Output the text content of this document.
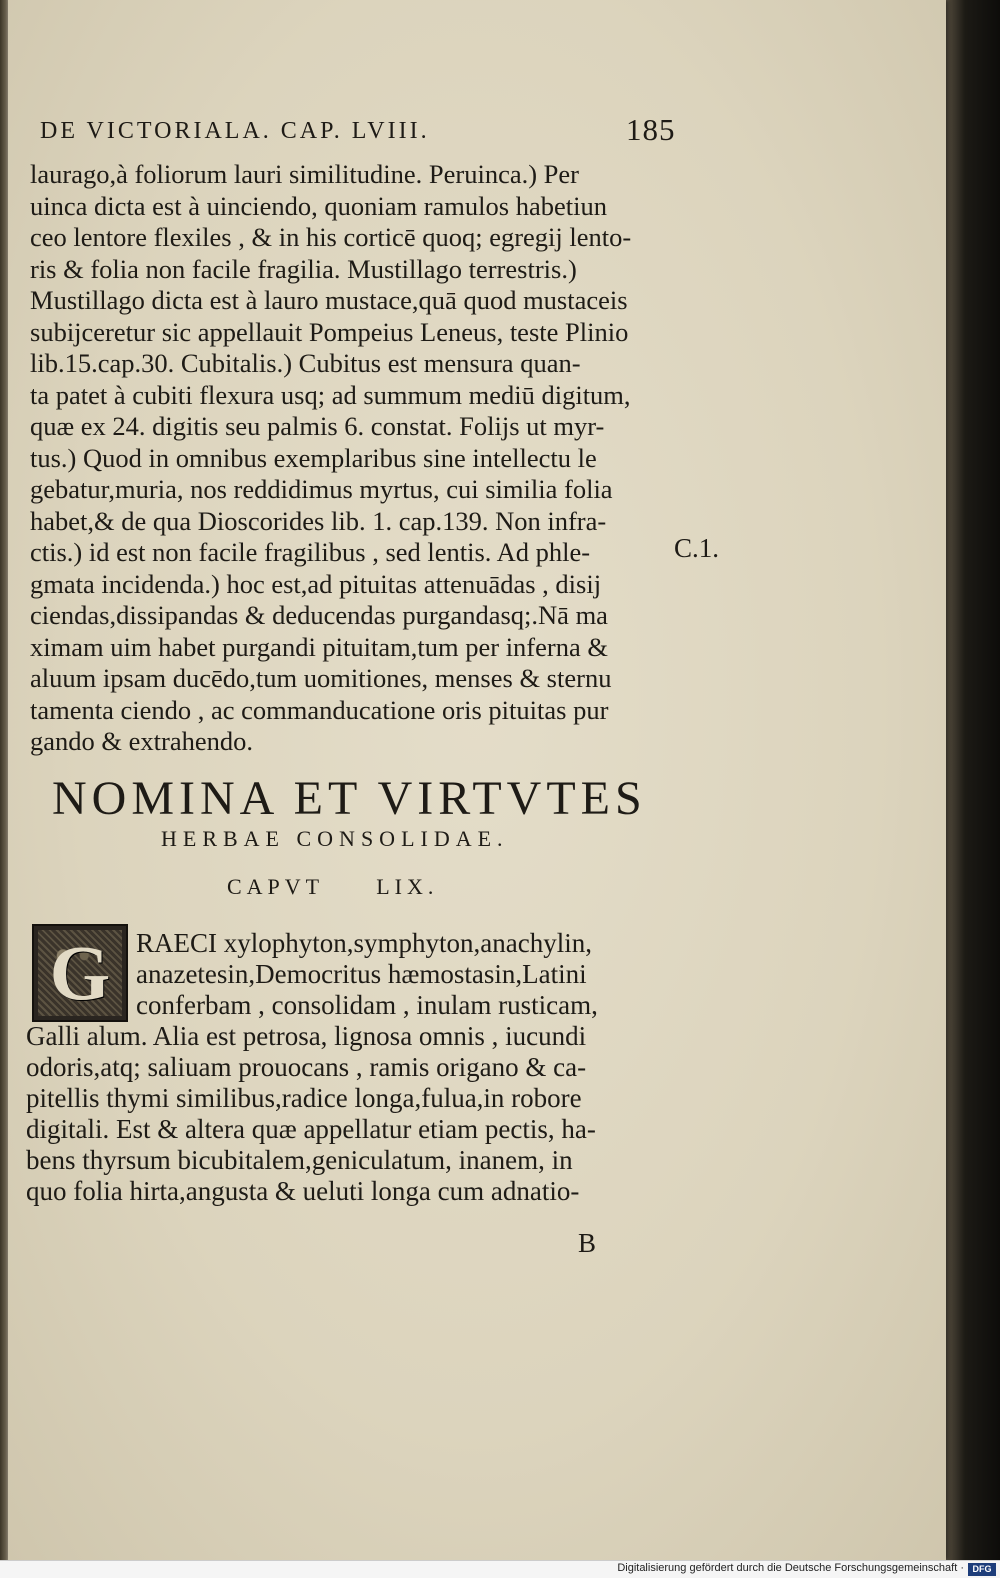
DE VICTORIALA. CAP. LVIII.	185
laurago,à foliorum lauri similitudine. Peruinca.) Per
uinca dicta est à uinciendo, quoniam ramulos habetiun
ceo lentore flexiles , & in his corticē quoq; egregij lento-
ris & folia non facile fragilia. Mustillago terrestris.)
Mustillago dicta est à lauro mustace,quā quod mustaceis
subijceretur sic appellauit Pompeius Leneus, teste Plinio
lib.15.cap.30. Cubitalis.) Cubitus est mensura quan-
ta patet à cubiti flexura usq; ad summum mediū digitum,
quæ ex 24. digitis seu palmis 6. constat. Folijs ut myr-
tus.) Quod in omnibus exemplaribus sine intellectu le
gebatur,muria, nos reddidimus myrtus, cui similia folia
habet,& de qua Dioscorides lib. 1. cap.139. Non infra-
ctis.) id est non facile fragilibus , sed lentis. Ad phle-
gmata incidenda.) hoc est,ad pituitas attenuādas , disij
ciendas,dissipandas & deducendas purgandasq;.Nā ma
ximam uim habet purgandi pituitam,tum per inferna &
aluum ipsam ducēdo,tum uomitiones, menses & sternu
tamenta ciendo , ac commanducatione oris pituitas pur
gando & extrahendo.
C.1.
NOMINA ET VIRTVTES
HERBAE CONSOLIDAE.
CAPVT     LIX.
G RAECI xylophyton,symphyton,anachylin,
anazetesin,Democritus hæmostasin,Latini
conferbam , consolidam , inulam rusticam,
Galli alum. Alia est petrosa, lignosa omnis , iucundi
odoris,atq; saliuam prouocans , ramis origano & ca-
pitellis thymi similibus,radice longa,fulua,in robore
digitali. Est & altera quæ appellatur etiam pectis, ha-
bens thyrsum bicubitalem,geniculatum, inanem, in
quo folia hirta,angusta & ueluti longa cum adnatio-
B
Digitalisierung gefördert durch die Deutsche Forschungsgemeinschaft · DFG
